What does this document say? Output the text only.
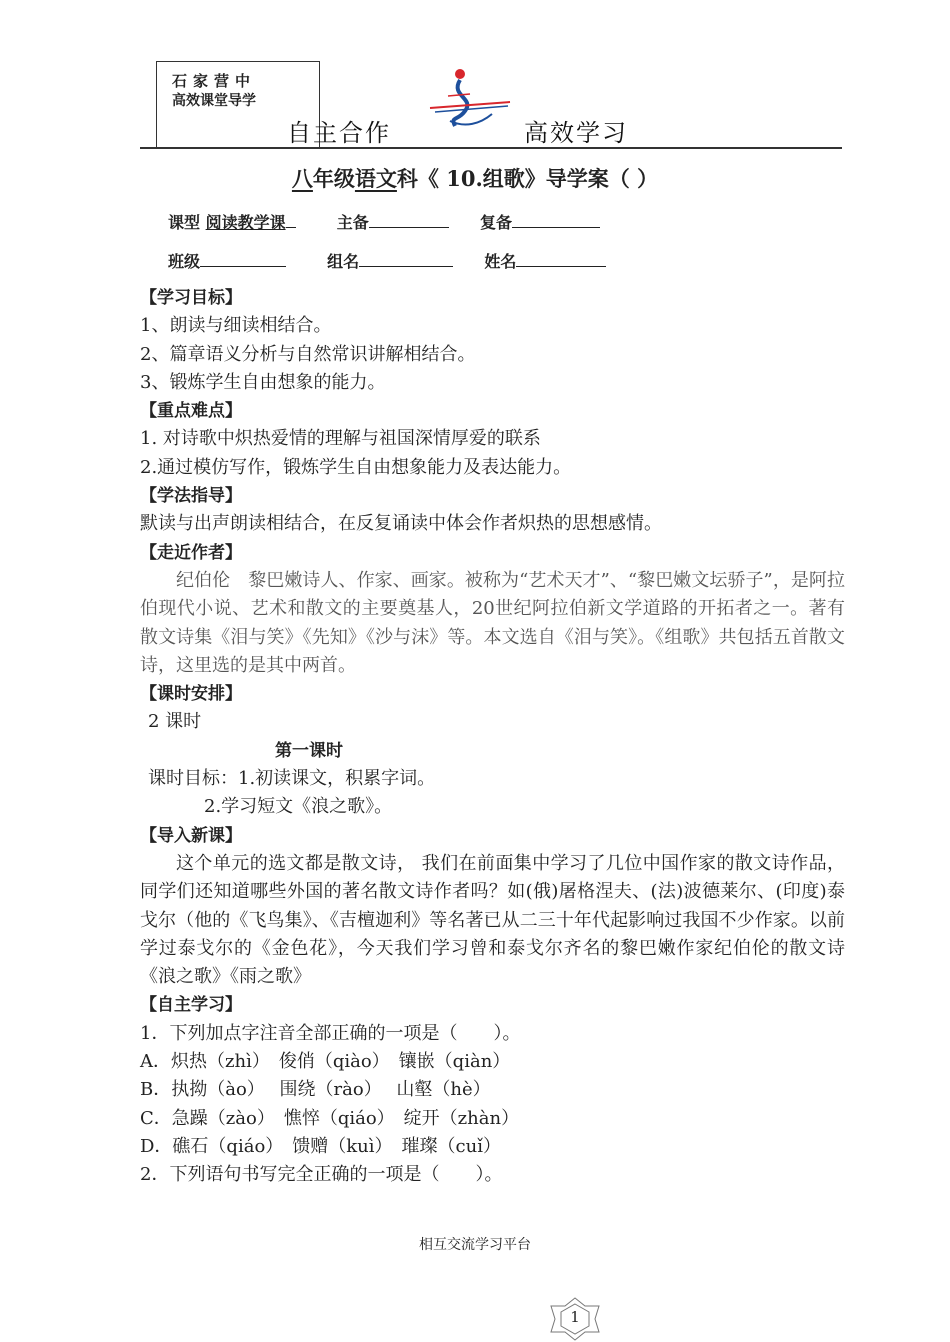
石家营中
高效课堂导学
自主合作	高效学习
八年级语文科《 10.组歌》导学案（ ）
课型 阅读教学课	主备	复备
班级	组名	姓名
【学习目标】
1、朗读与细读相结合。
2、篇章语义分析与自然常识讲解相结合。
3、锻炼学生自由想象的能力。
【重点难点】
1. 对诗歌中炽热爱情的理解与祖国深情厚爱的联系
2.通过模仿写作，锻炼学生自由想象能力及表达能力。
【学法指导】
默读与出声朗读相结合，在反复诵读中体会作者炽热的思想感情。
【走近作者】
纪伯伦　黎巴嫩诗人、作家、画家。被称为“艺术天才”、“黎巴嫩文坛骄子”，是阿拉伯现代小说、艺术和散文的主要奠基人，20世纪阿拉伯新文学道路的开拓者之一。著有散文诗集《泪与笑》《先知》《沙与沫》等。本文选自《泪与笑》。《组歌》共包括五首散文诗，这里选的是其中两首。
【课时安排】
2 课时
第一课时
课时目标：1.初读课文，积累字词。
2.学习短文《浪之歌》。
【导入新课】
这个单元的选文都是散文诗， 我们在前面集中学习了几位中国作家的散文诗作品，同学们还知道哪些外国的著名散文诗作者吗？如(俄)屠格涅夫、(法)波德莱尔、(印度)泰戈尔（他的《飞鸟集》、《吉檀迦利》等名著已从二三十年代起影响过我国不少作家。以前学过泰戈尔的《金色花》，今天我们学习曾和泰戈尔齐名的黎巴嫩作家纪伯伦的散文诗《浪之歌》《雨之歌》
【自主学习】
1．下列加点字注音全部正确的一项是（　　）。
A．炽热（zhì）　俊俏（qiào）　镶嵌（qiàn）
B．执拗（ào）　 围绕（rào）　 山壑（hè）
C．急躁（zào）　憔悴（qiáo）　绽开（zhàn）
D．礁石（qiáo）　馈赠（kuì）　璀璨（cuǐ）
2．下列语句书写完全正确的一项是（　　）。
相互交流学习平台
1
